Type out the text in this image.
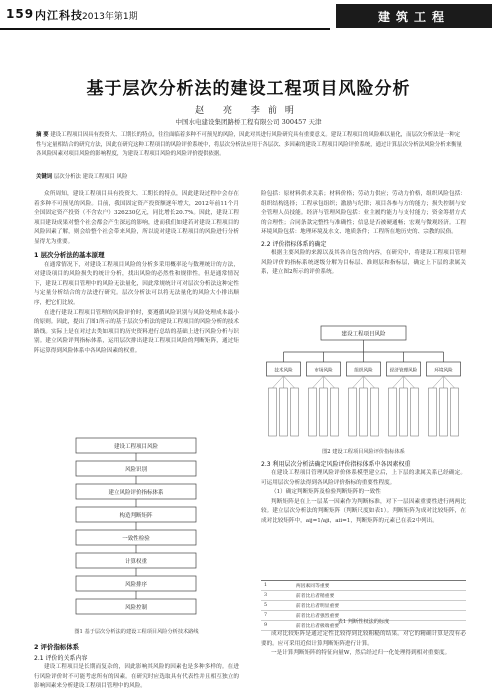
159 内江科技 2013年第1期	建筑工程
基于层次分析法的建设工程项目风险分析
赵 亮 李前明
中国水电建设集团路桥工程有限公司 300457 天津
摘 要 建设工程项目因具有投资大、工期长的特点，往往面临着多种不可预见的风险，因此对其进行风险研究具有重要意义。建设工程项目的风险难以量化，而层次分析法是一种定性与定量相结合的研究方法，因此在研究这种工程项目的风险评价系统中，将层次分析法应用于各层次、多因素的建设工程项目风险评价系统，通过计算层次分析法风险分析来衡量各风险因素对项目风险的影响程度，为建设工程项目风险的风险评价提供依据。
关键词 层次分析法 建设工程项目 风险

众所周知，建设工程项目具有投资大、工期长的特点，因此建设过程中会存在着多种不可预见的风险。目前，我国固定资产投资额逐年增大，2012年前11个月全国固定资产投资（不含农户）326230亿元，同比增长20.7%。因此，建设工程项目建设成果对整个社会都会产生深远的影响，进而我们如建若对建设工程项目的风险因素了解，则会给整个社会带来风险，所以说对建设工程项目的风险进行分析显得尤为重要。

1 层次分析法的基本原理

在通常情况下，对建设工程项目风险的分析多采用概率论与数理统计的方法，对建设项目的风险损失的统计分析，找出风险的必然性和规律性。但是通常情况下，建设工程项目管理中的风险无法量化，因此常规统计可对层次分析法这种定性与定量分析结合的方法进行研究。层次分析法可以将无法量化的风险大小排出顺序，把它们比较。

在进行建设工程项目管理的风险评价时，要遵循风险识别与风险处理成本最小的原则。因此，提出了图1所示的基于层次分析法的建设工程项目的风险分析的技术路线。实际上是在对过去类如项目的历史资料进行总结的基础上进行风险分析与识别。建立风险评判指标体系，运用层次排出建设工程项目风险的判断矩阵，通过矩阵运算得到风险体系中各风险因素的权重。

建设工程项目风险
风险识别
建立风险评价指标体系
构造判断矩阵
一致性检验
计算权重
风险排序
风险控制
图1 基于层次分析法的建设工程项目风险分析技术路线
2 评价指标体系
2.1 评价的关系内容

建设工程项目是长期而复杂的，因此影响其风险的因素也是多种多样的。在进行风险评价时不可能考虑所有的因素。在研究时应选取具有代表性并且相互独立的影响因素来分析建设工程项目管理中的风险。

险包括：原材料供求关系；材料价格；劳动力供应；劳动力价格，组织风险包括：组织结构选择；工程承包组织；激励与纪律；项目各参与方的能力；损失控制与安全管理人员技能。经济与管理风险包括：业主履约能力与支付能力；资金筹措方式的合理性；合同条款完整性与准确性；信息是否被硬通畅；宏观与微观经济。工程环境风险包括：地理环境及水文、地质条件；工程所在地历史的、宗教的民俗。

2.2 评价指标体系的确定

根据主要风险的来源以及其各自包含的内容，在研究中，将建设工程项目管理风险评价的指标系统逐级分解为目标层、准则层和指标层，确定上下层的隶属关系，建立图2所示的评价系统。

建设工程项目风险
技术风险	市场风险	组织风险	经济管理风险	环境风险
图2 建设工程项目风险评价指标体系
2.3 利用层次分析法确定风险评价指标体系中各因素权重

在建设工程项目管理风险评价体系模型建立后，上下层的隶属关系已经确定。可运用层次分析法得到各风险评价指标的重要性程度。

（1）确定判断矩阵及检验判断矩阵的一致性

判断矩阵是在上一层某一因素作为判断标准，对下一层因素重要性进行两两比较。建立层次分析法的判断矩阵（判断尺度如表1）。判断矩阵为成对比较矩阵，在成对比较矩阵中，aij=1/aji，aii=1，判断矩阵的元素已在表2中列出。

1	两因素同等重要
3	前者比后者稍重要
5	前者比后者明显重要
7	前者比后者强烈重要
9	前者比后者极端重要
表1 判断性权法的标度

成对比较矩阵是通过定性比较得到比较粗糙的结果。对它的精确计算是没有必要的。应可采用近似计算判断矩阵进行计算。

一是计算判断矩阵的特征向量W，然后经过归一化处理得到相对重要度。
